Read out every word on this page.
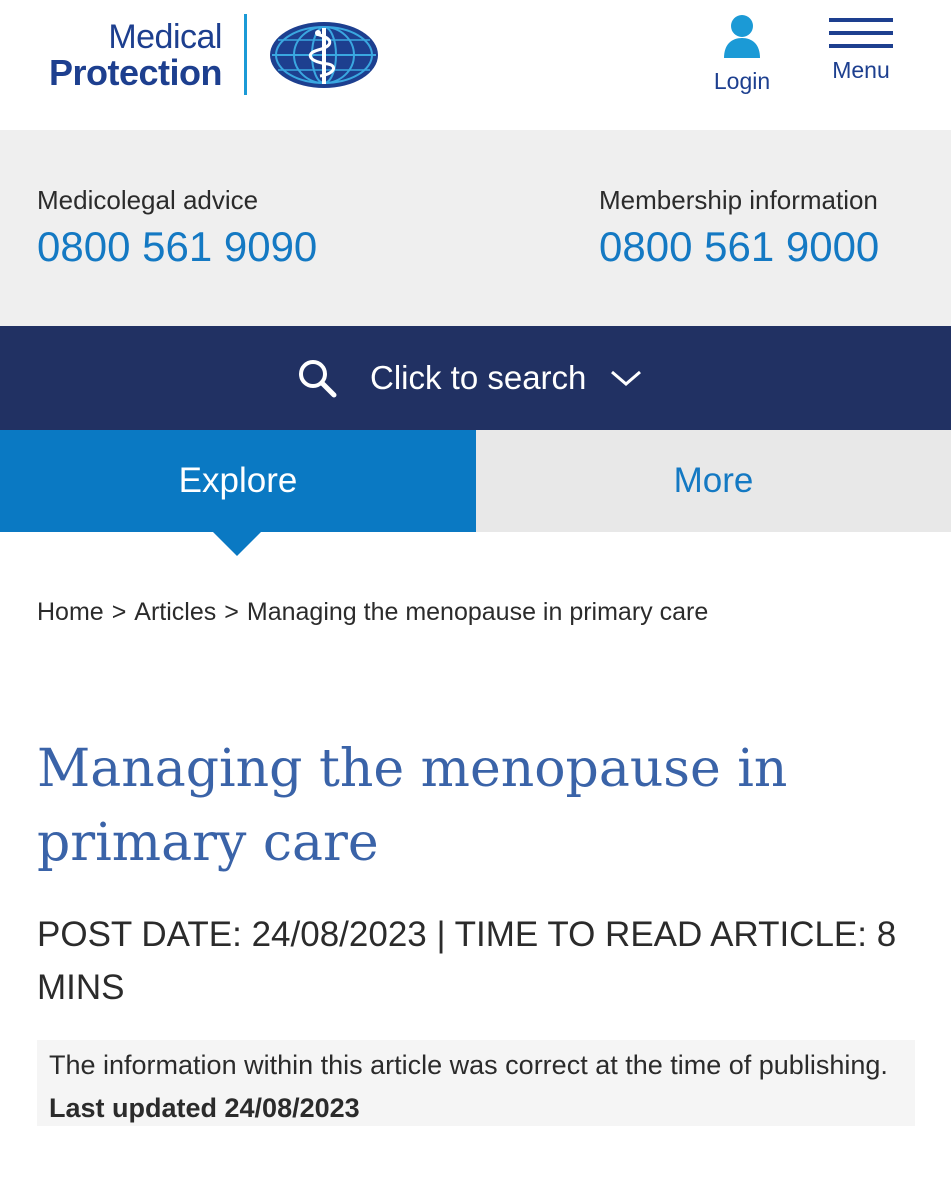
Medical
Protection	Login	Menu
Medicolegal advice
0800 561 9090
Membership information
0800 561 9000
Click to search
Explore	More
Home > Articles > Managing the menopause in primary care
Managing the menopause in primary care
POST DATE: 24/08/2023 | TIME TO READ ARTICLE: 8 MINS
The information within this article was correct at the time of publishing. Last updated 24/08/2023
